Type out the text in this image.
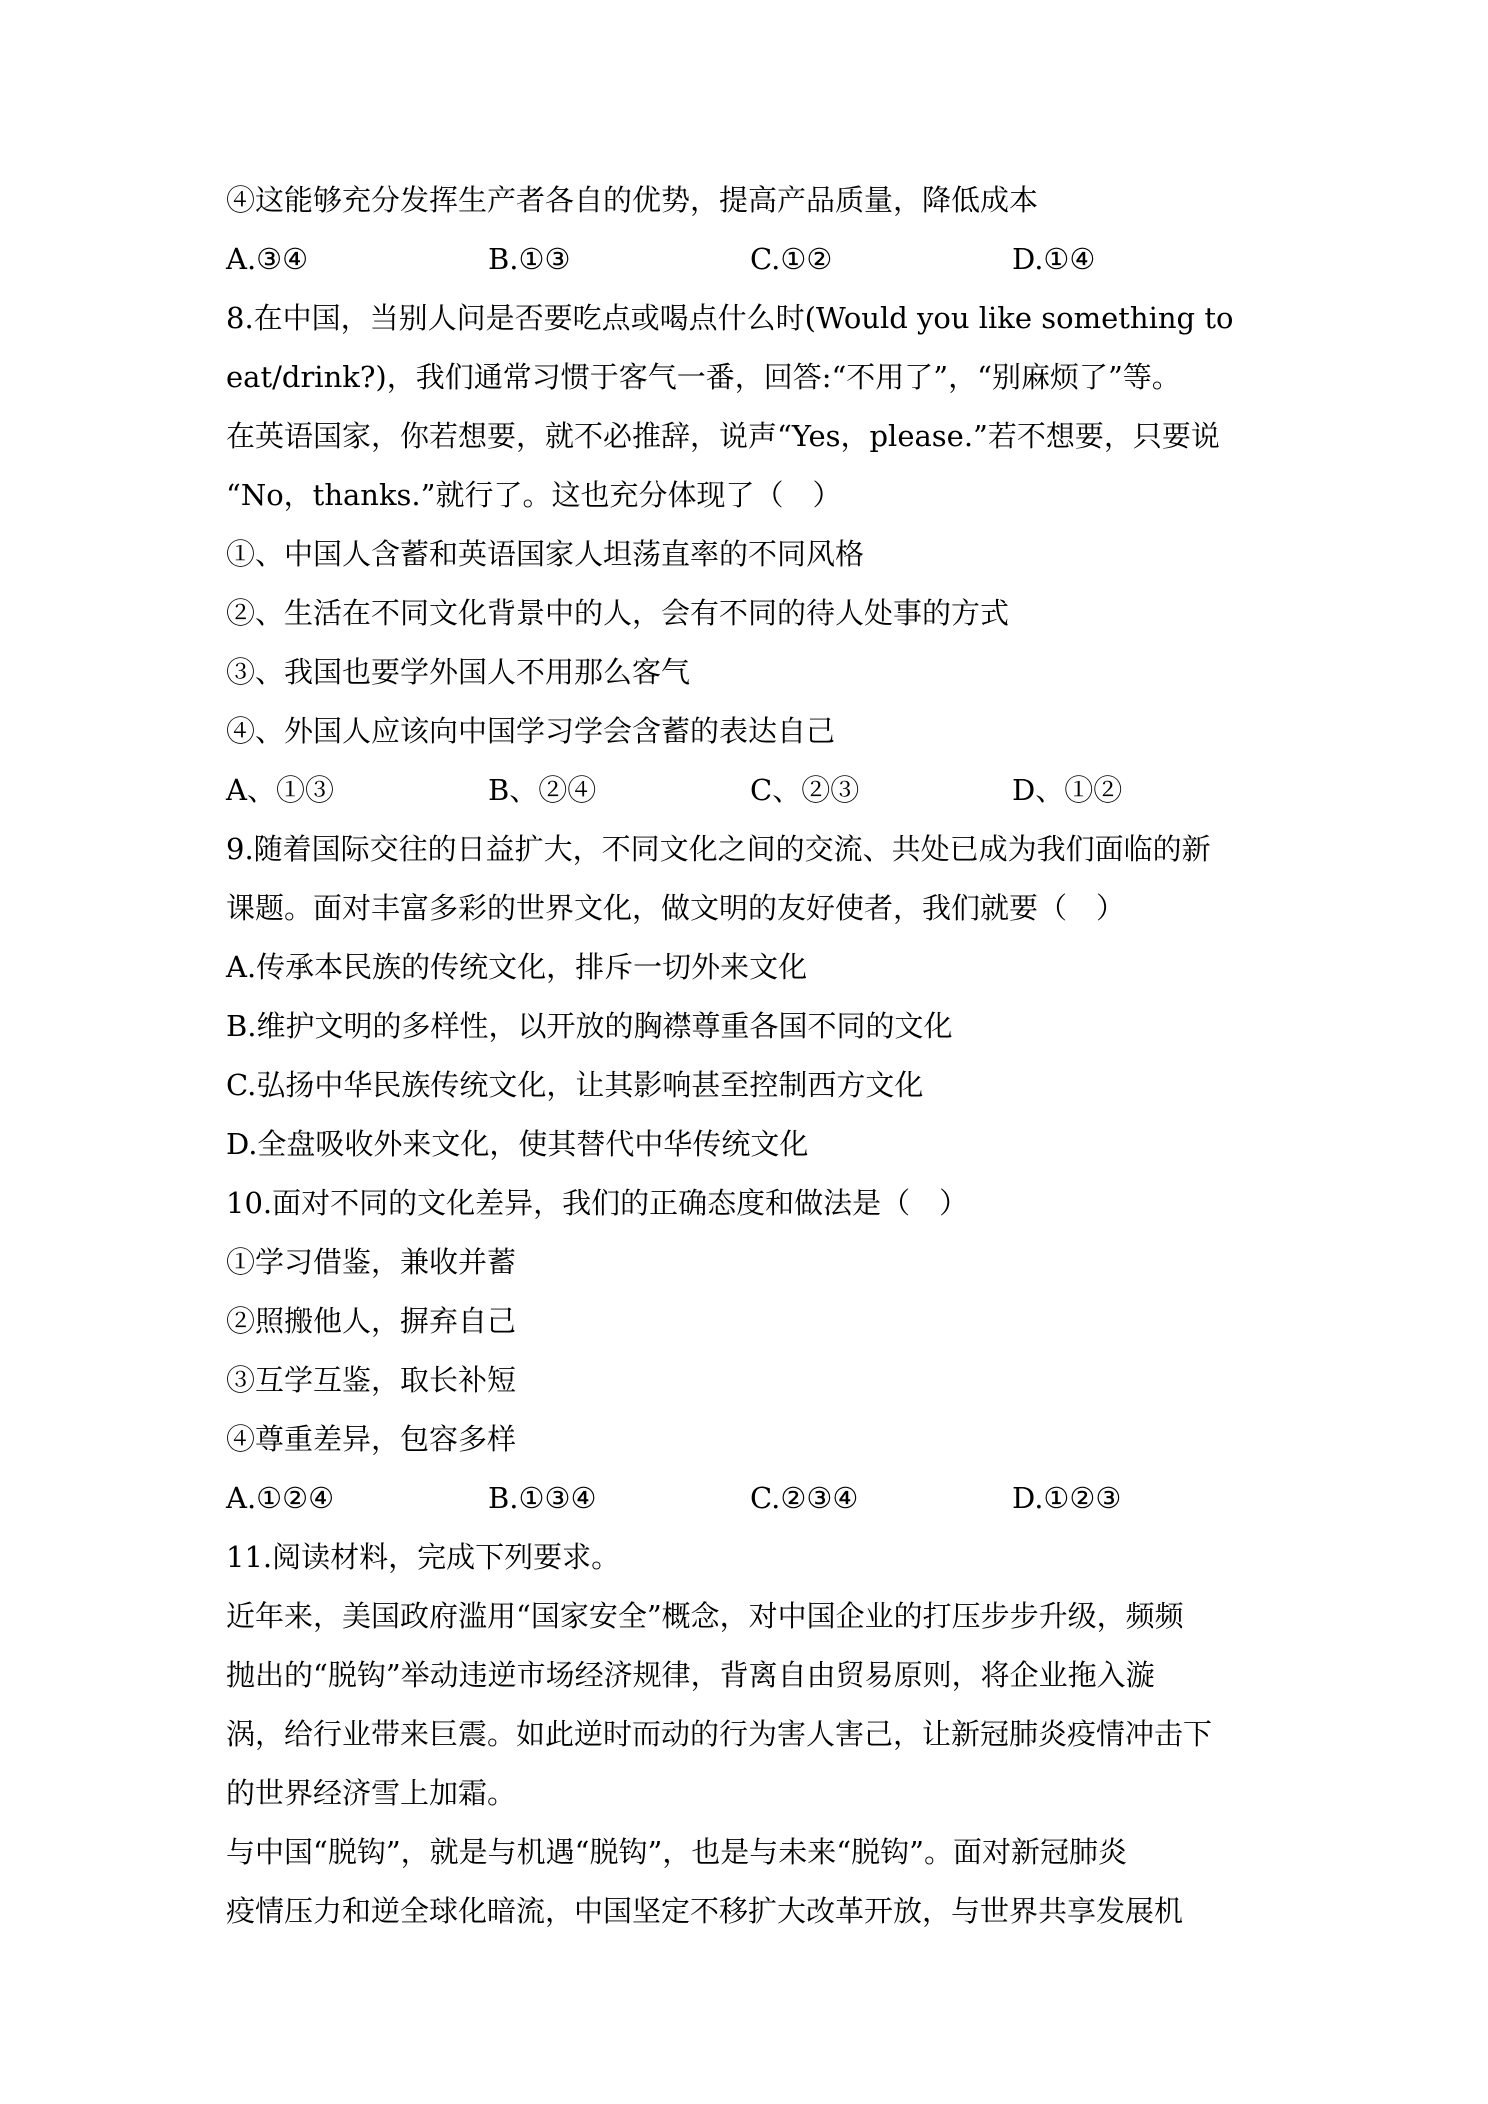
④这能够充分发挥生产者各自的优势，提高产品质量，降低成本
A.③④	B.①③	C.①②	D.①④
8.在中国，当别人问是否要吃点或喝点什么时(Would you like something to
eat/drink?)，我们通常习惯于客气一番，回答:“不用了”，“别麻烦了”等。
在英语国家，你若想要，就不必推辞，说声“Yes，please.”若不想要，只要说
“No，thanks.”就行了。这也充分体现了（　）
①、中国人含蓄和英语国家人坦荡直率的不同风格
②、生活在不同文化背景中的人，会有不同的待人处事的方式
③、我国也要学外国人不用那么客气
④、外国人应该向中国学习学会含蓄的表达自己
A、①③	B、②④	C、②③	D、①②
9.随着国际交往的日益扩大，不同文化之间的交流、共处已成为我们面临的新
课题。面对丰富多彩的世界文化，做文明的友好使者，我们就要（　）
A.传承本民族的传统文化，排斥一切外来文化
B.维护文明的多样性，以开放的胸襟尊重各国不同的文化
C.弘扬中华民族传统文化，让其影响甚至控制西方文化
D.全盘吸收外来文化，使其替代中华传统文化
10.面对不同的文化差异，我们的正确态度和做法是（　）
①学习借鉴，兼收并蓄
②照搬他人，摒弃自己
③互学互鉴，取长补短
④尊重差异，包容多样
A.①②④	B.①③④	C.②③④	D.①②③
11.阅读材料，完成下列要求。
近年来，美国政府滥用“国家安全”概念，对中国企业的打压步步升级，频频
抛出的“脱钩”举动违逆市场经济规律，背离自由贸易原则，将企业拖入漩
涡，给行业带来巨震。如此逆时而动的行为害人害己，让新冠肺炎疫情冲击下
的世界经济雪上加霜。
与中国“脱钩”，就是与机遇“脱钩”，也是与未来“脱钩”。面对新冠肺炎
疫情压力和逆全球化暗流，中国坚定不移扩大改革开放，与世界共享发展机
